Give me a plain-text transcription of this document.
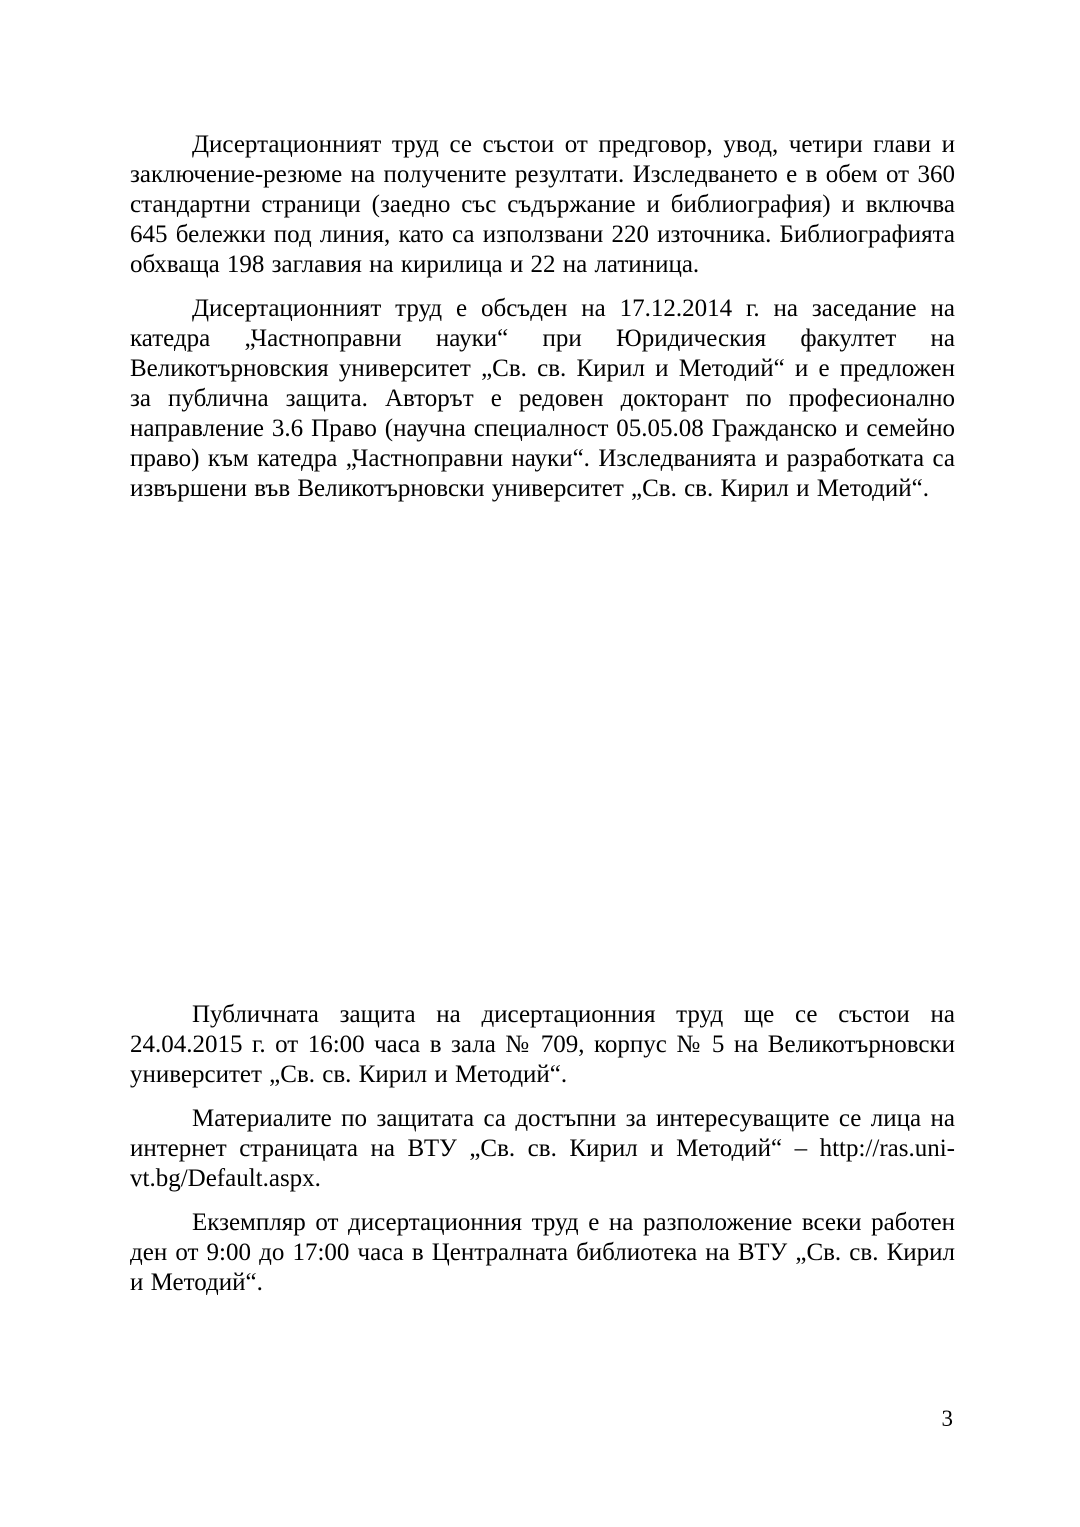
Дисертационният труд се състои от предговор, увод, четири глави и заключение-резюме на получените резултати. Изследването е в обем от 360 стандартни страници (заедно със съдържание и библиография) и включва 645 бележки под линия, като са използвани 220 източника. Библиографията обхваща 198 заглавия на кирилица и 22 на латиница.

Дисертационният труд е обсъден на 17.12.2014 г. на заседание на катедра „Частноправни науки“ при Юридическия факултет на Великотърновския университет „Св. св. Кирил и Методий“ и е предложен за публична защита. Авторът е редовен докторант по професионално направление 3.6 Право (научна специалност 05.05.08 Гражданско и семейно право) към катедра „Частноправни науки“. Изследванията и разработката са извършени във Великотърновски университет „Св. св. Кирил и Методий“.

Публичната защита на дисертационния труд ще се състои на 24.04.2015 г. от 16:00 часа в зала № 709, корпус № 5 на Великотърновски университет „Св. св. Кирил и Методий“.

Материалите по защитата са достъпни за интересуващите се лица на интернет страницата на ВТУ „Св. св. Кирил и Методий“ – http://ras.uni-vt.bg/Default.aspx.

Екземпляр от дисертационния труд е на разположение всеки работен ден от 9:00 до 17:00 часа в Централната библиотека на ВТУ „Св. св. Кирил и Методий“.

3
